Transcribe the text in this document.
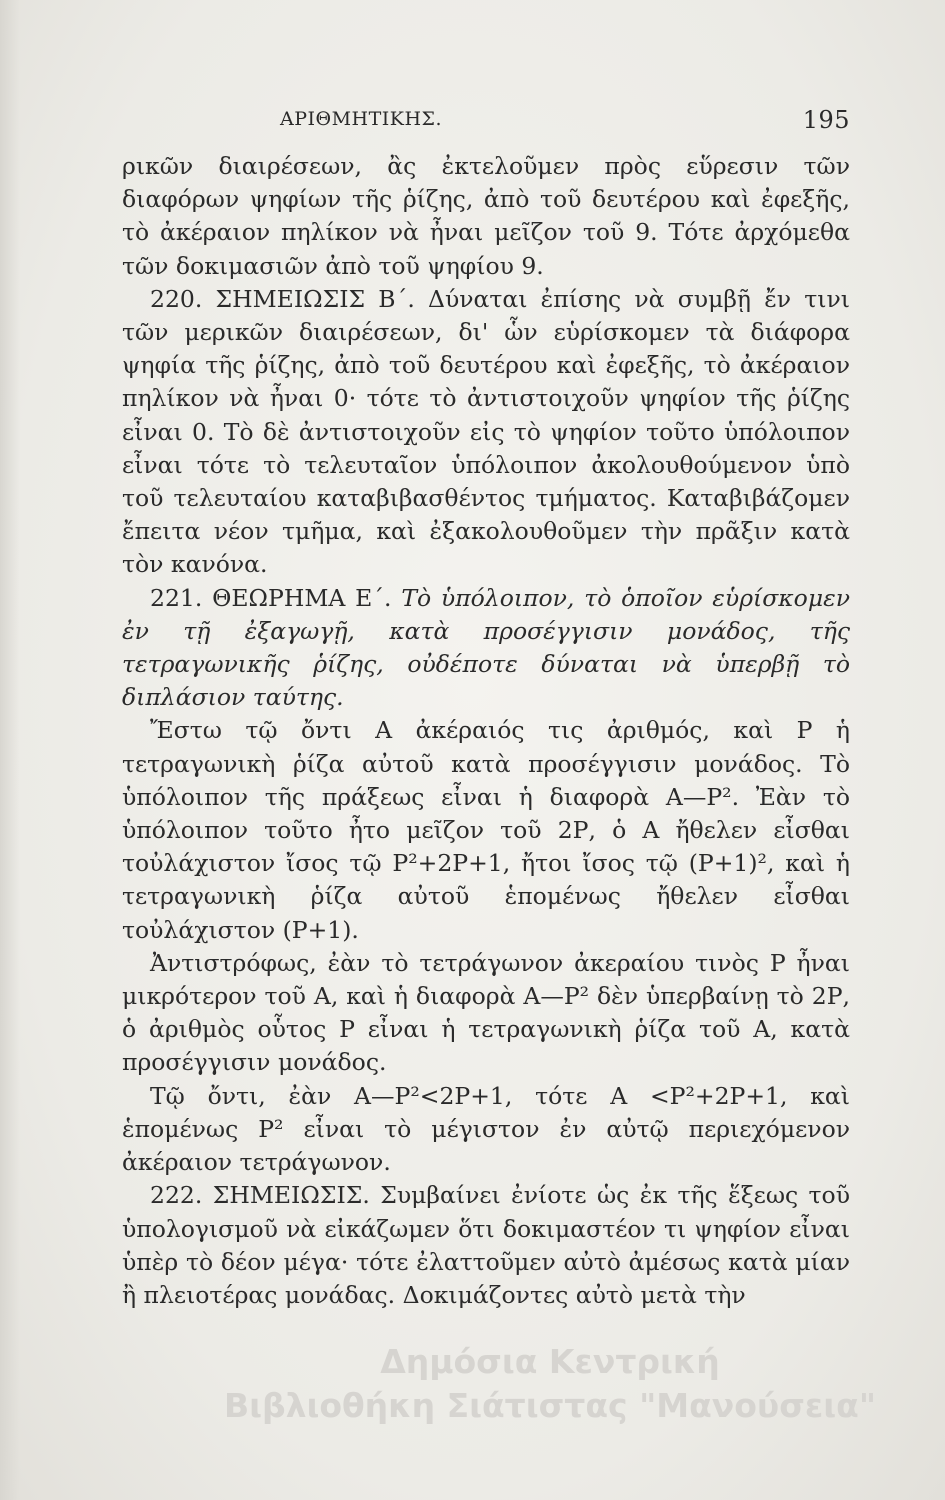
ΑΡΙΘΜΗΤΙΚΗΣ.	195

ρικῶν διαιρέσεων, ἂς ἐκτελοῦμεν πρὸς εὕρεσιν τῶν διαφόρων ψηφίων τῆς ῥίζης, ἀπὸ τοῦ δευτέρου καὶ ἐφεξῆς, τὸ ἀκέραιον πηλίκον νὰ ἦναι μεῖζον τοῦ 9. Τότε ἀρχόμεθα τῶν δοκιμασιῶν ἀπὸ τοῦ ψηφίου 9.

220. ΣΗΜΕΙΩΣΙΣ Β΄. Δύναται ἐπίσης νὰ συμβῇ ἔν τινι τῶν μερικῶν διαιρέσεων, δι' ὧν εὑρίσκομεν τὰ διάφορα ψηφία τῆς ῥίζης, ἀπὸ τοῦ δευτέρου καὶ ἐφεξῆς, τὸ ἀκέραιον πηλίκον νὰ ἦναι 0· τότε τὸ ἀντιστοιχοῦν ψηφίον τῆς ῥίζης εἶναι 0. Τὸ δὲ ἀντιστοιχοῦν εἰς τὸ ψηφίον τοῦτο ὑπόλοιπον εἶναι τότε τὸ τελευταῖον ὑπόλοιπον ἀκολουθούμενον ὑπὸ τοῦ τελευταίου καταβιβασθέντος τμήματος. Καταβιβάζομεν ἔπειτα νέον τμῆμα, καὶ ἐξακολουθοῦμεν τὴν πρᾶξιν κατὰ τὸν κανόνα.

221. ΘΕΩΡΗΜΑ Ε΄. Τὸ ὑπόλοιπον, τὸ ὁποῖον εὑρίσκομεν ἐν τῇ ἐξαγωγῇ, κατὰ προσέγγισιν μονάδος, τῆς τετραγωνικῆς ῥίζης, οὐδέποτε δύναται νὰ ὑπερβῇ τὸ διπλάσιον ταύτης.

Ἔστω τῷ ὄντι Α ἀκέραιός τις ἀριθμός, καὶ Ρ ἡ τετραγωνικὴ ῥίζα αὐτοῦ κατὰ προσέγγισιν μονάδος. Τὸ ὑπόλοιπον τῆς πράξεως εἶναι ἡ διαφορὰ Α—Ρ². Ἐὰν τὸ ὑπόλοιπον τοῦτο ἦτο μεῖζον τοῦ 2Ρ, ὁ Α ἤθελεν εἶσθαι τοὐλάχιστον ἴσος τῷ Ρ²+2Ρ+1, ἤτοι ἴσος τῷ (Ρ+1)², καὶ ἡ τετραγωνικὴ ῥίζα αὐτοῦ ἑπομένως ἤθελεν εἶσθαι τοὐλάχιστον (Ρ+1).

Ἀντιστρόφως, ἐὰν τὸ τετράγωνον ἀκεραίου τινὸς Ρ ἦναι μικρότερον τοῦ Α, καὶ ἡ διαφορὰ Α—Ρ² δὲν ὑπερβαίνῃ τὸ 2Ρ, ὁ ἀριθμὸς οὗτος Ρ εἶναι ἡ τετραγωνικὴ ῥίζα τοῦ Α, κατὰ προσέγγισιν μονάδος.

Τῷ ὄντι, ἐὰν Α—Ρ²<2Ρ+1, τότε Α <Ρ²+2Ρ+1, καὶ ἑπομένως Ρ² εἶναι τὸ μέγιστον ἐν αὐτῷ περιεχόμενον ἀκέραιον τετράγωνον.

222. ΣΗΜΕΙΩΣΙΣ. Συμβαίνει ἐνίοτε ὡς ἐκ τῆς ἕξεως τοῦ ὑπολογισμοῦ νὰ εἰκάζωμεν ὅτι δοκιμαστέον τι ψηφίον εἶναι ὑπὲρ τὸ δέον μέγα· τότε ἐλαττοῦμεν αὐτὸ ἀμέσως κατὰ μίαν ἢ πλειοτέρας μονάδας. Δοκιμάζοντες αὐτὸ μετὰ τὴν

Δημόσια Κεντρική
Βιβλιοθήκη Σιάτιστας "Μανούσεια"
